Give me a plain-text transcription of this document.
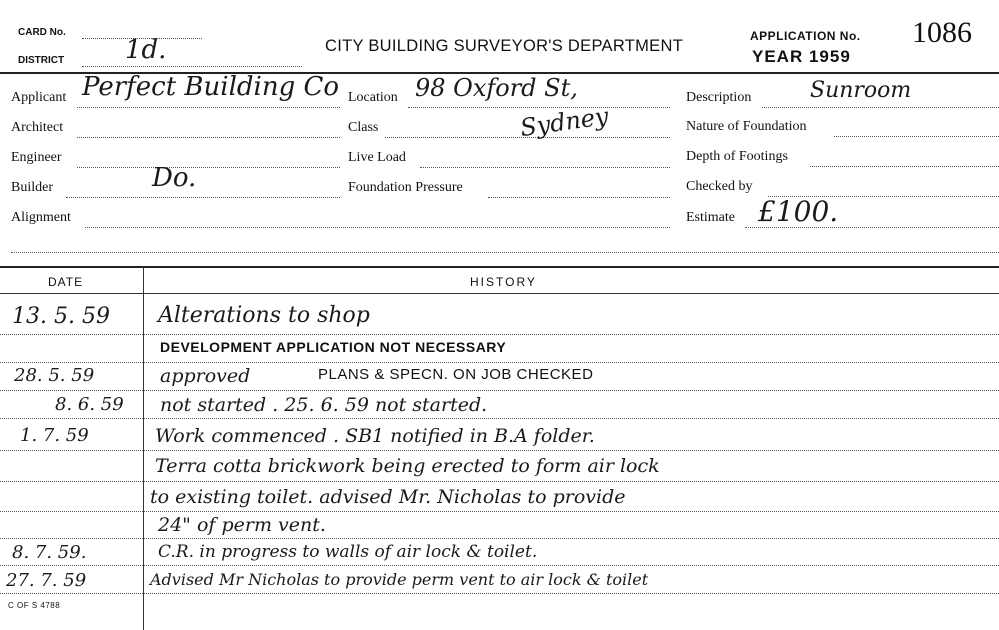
CARD No.
DISTRICT 1d.	CITY BUILDING SURVEYOR'S DEPARTMENT
APPLICATION No. 1086
YEAR 1959
Applicant Perfect Building Co
Architect
Engineer
Builder	Do.
Alignment
Location 98 Oxford St,
Class	Sydney
Live Load
Foundation Pressure
Description	Sunroom
Nature of Foundation
Depth of Footings
Checked by
Estimate £100.
DATE	HISTORY
13. 5. 59 Alterations to shop
DEVELOPMENT APPLICATION NOT NECESSARY
28. 5. 59	approved	PLANS & SPECN. ON JOB CHECKED
8. 6. 59 not started . 25. 6. 59 not started.
1. 7. 59	Work commenced . SB1 notified in B.A folder.
Terra cotta brickwork being erected to form air lock
to existing toilet. advised Mr. Nicholas to provide
24" of perm vent.
8. 7. 59.	C.R. in progress to walls of air lock & toilet.
27. 7. 59	Advised Mr Nicholas to provide perm vent to air lock & toilet
C OF S 4788
